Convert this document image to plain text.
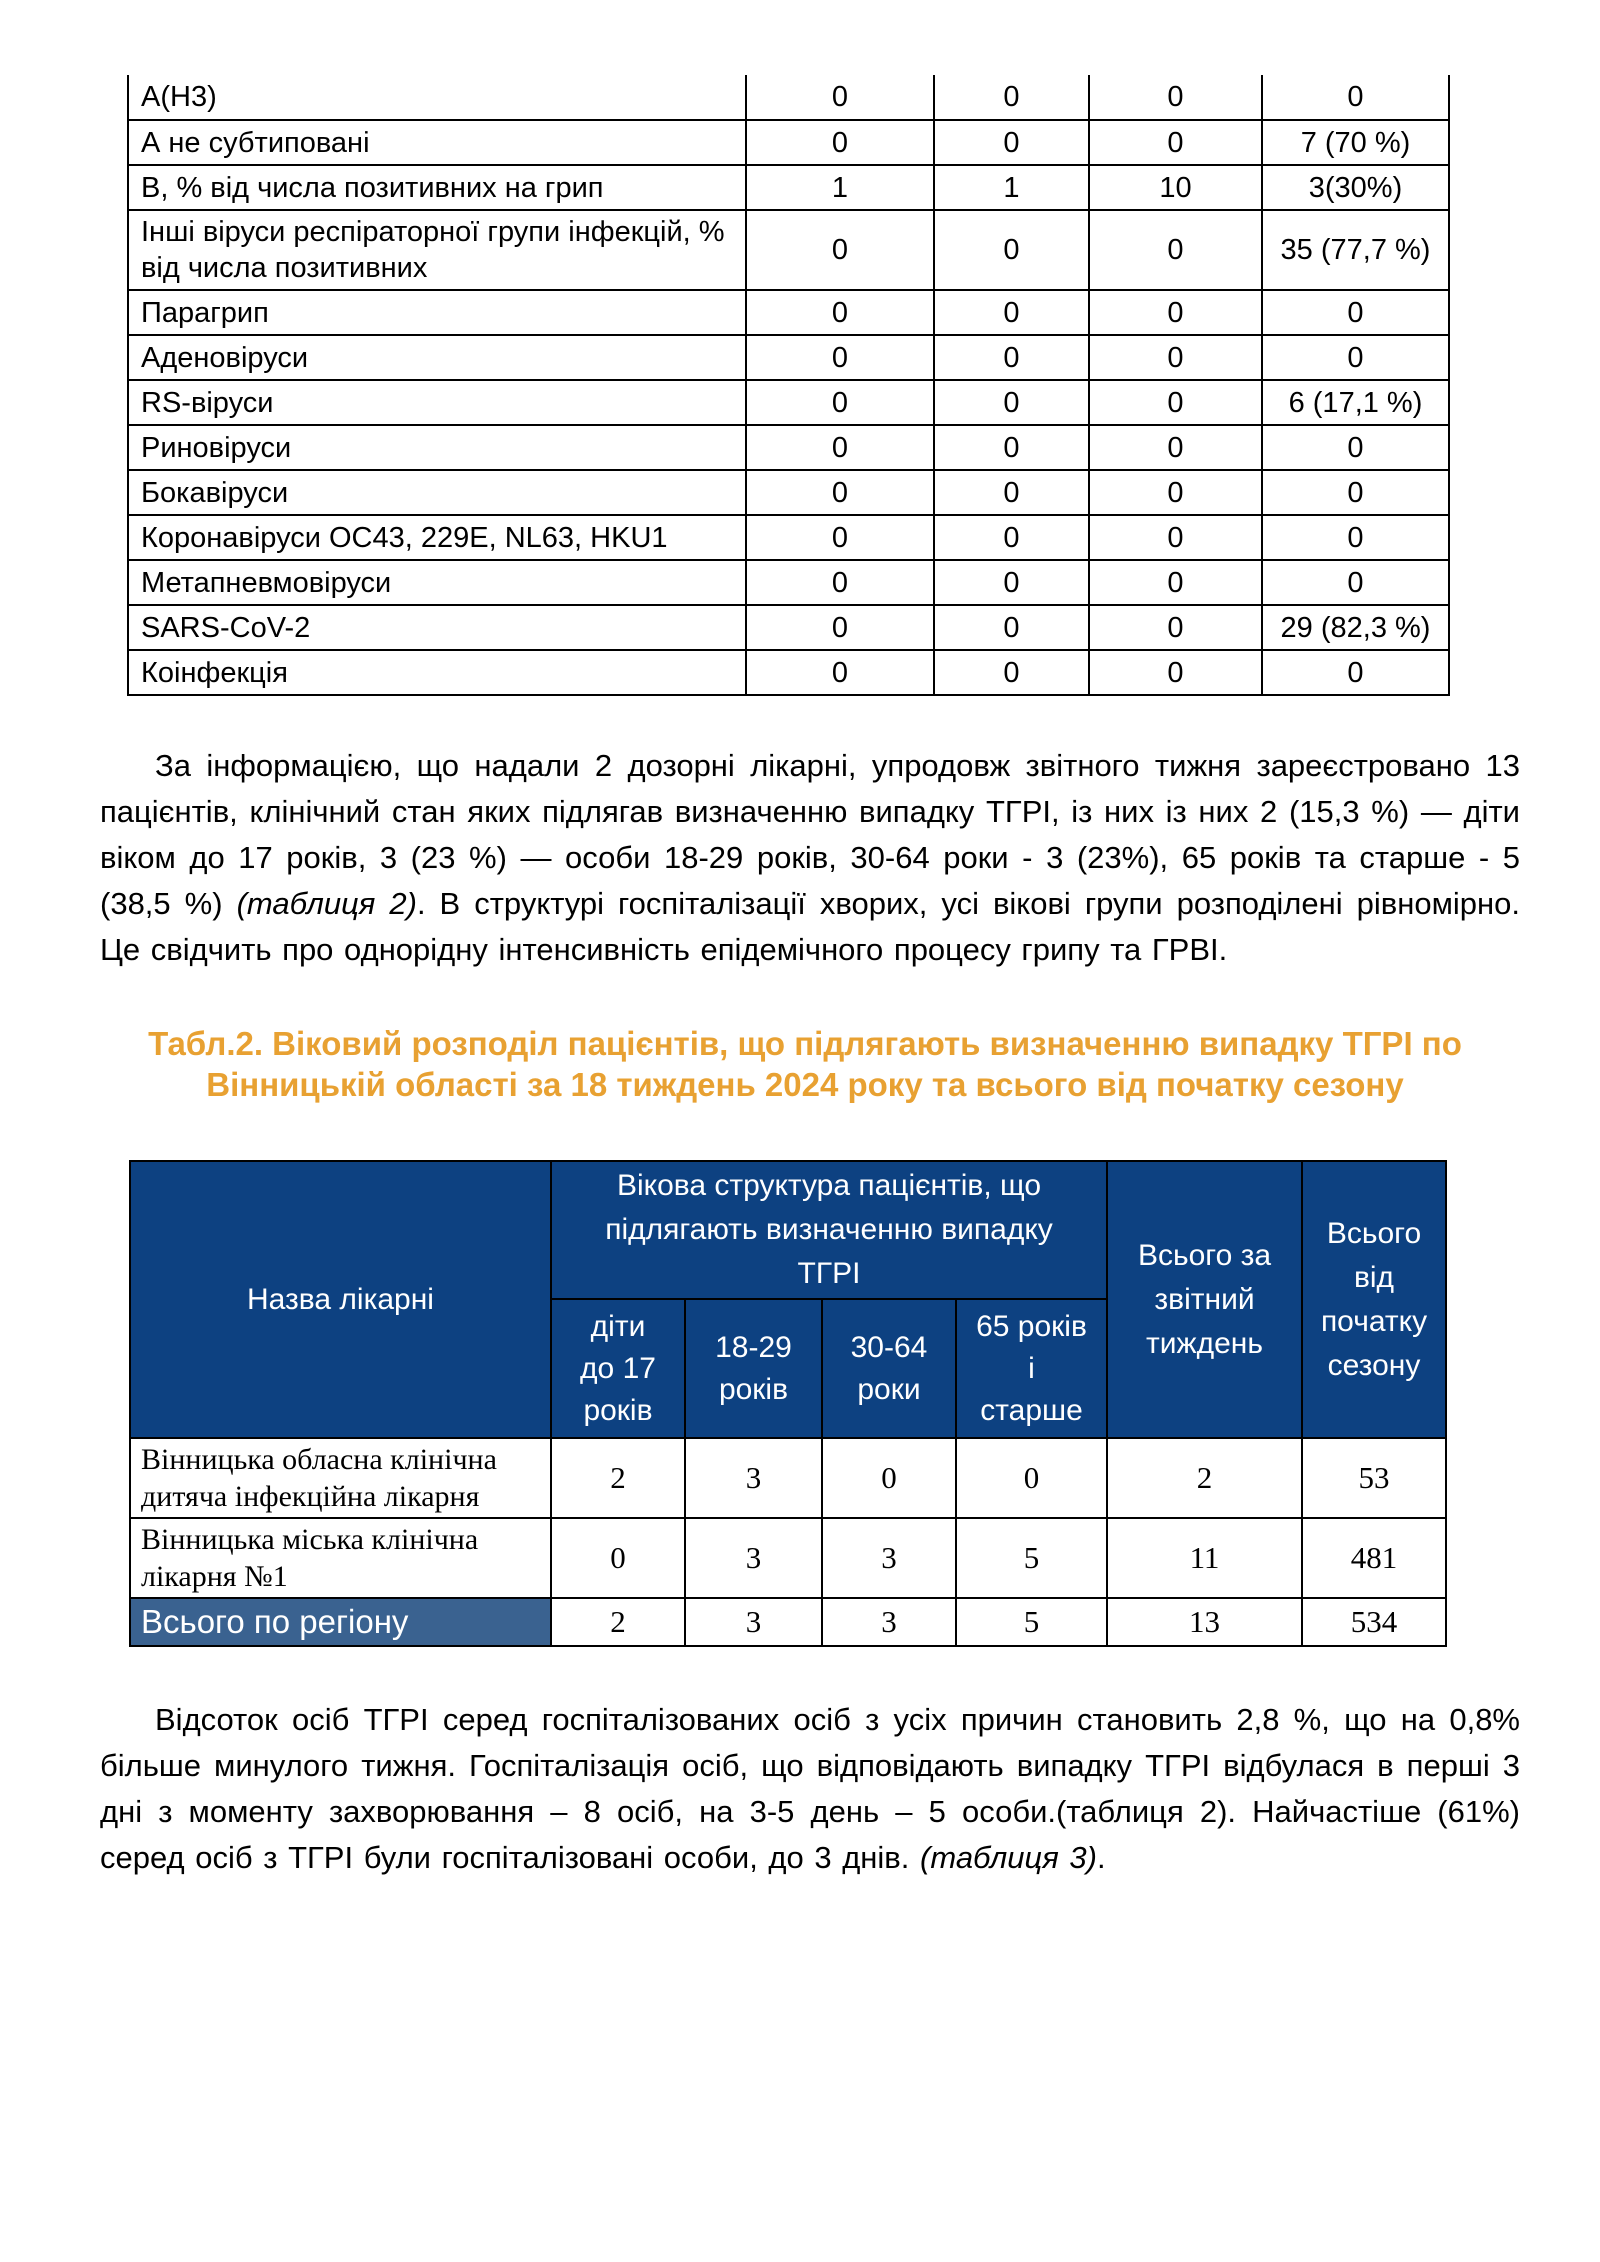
А(Н3)	0	0	0	0
А не субтиповані	0	0	0	7 (70 %)
В, % від числа позитивних на грип	1	1	10	3(30%)
Інші віруси респіраторної групи інфекцій, % від числа позитивних	0	0	0	35 (77,7 %)
Парагрип	0	0	0	0
Аденовіруси	0	0	0	0
RS-віруси	0	0	0	6 (17,1 %)
Риновіруси	0	0	0	0
Бокавіруси	0	0	0	0
Коронавіруси ОС43, 229Е, NL63, HKU1	0	0	0	0
Метапневмовіруси	0	0	0	0
SARS-CoV-2	0	0	0	29 (82,3 %)
Коінфекція	0	0	0	0

За інформацією, що надали 2 дозорні лікарні, упродовж звітного тижня зареєстровано 13 пацієнтів, клінічний стан яких підлягав визначенню випадку ТГРІ, із них із них 2 (15,3 %) — діти віком до 17 років, 3 (23 %) — особи 18-29 років, 30-64 роки - 3 (23%), 65 років та старше - 5 (38,5 %) (таблиця 2). В структурі госпіталізації хворих, усі вікові групи розподілені рівномірно. Це свідчить про однорідну інтенсивність епідемічного процесу грипу та ГРВІ.

Табл.2. Віковий розподіл пацієнтів, що підлягають визначенню випадку ТГРІ по Вінницькій області за 18 тиждень 2024 року та всього від початку сезону
Назва лікарні	Вікова структура пацієнтів, що підлягають визначенню випадку ТГРІ				Всього за звітний тиждень	Всього від початку сезону
	діти до 17 років	18-29 років	30-64 роки	65 років і старше		
Вінницька обласна клінічна дитяча інфекційна лікарня	2	3	0	0	2	53
Вінницька міська клінічна лікарня №1	0	3	3	5	11	481
Всього по регіону	2	3	3	5	13	534

Відсоток осіб ТГРІ серед госпіталізованих осіб з усіх причин становить 2,8 %, що на 0,8% більше минулого тижня. Госпіталізація осіб, що відповідають випадку ТГРІ відбулася в перші 3 дні з моменту захворювання – 8 осіб, на 3-5 день – 5 особи.(таблиця 2). Найчастіше (61%) серед осіб з ТГРІ були госпіталізовані особи, до 3 днів. (таблиця 3).
